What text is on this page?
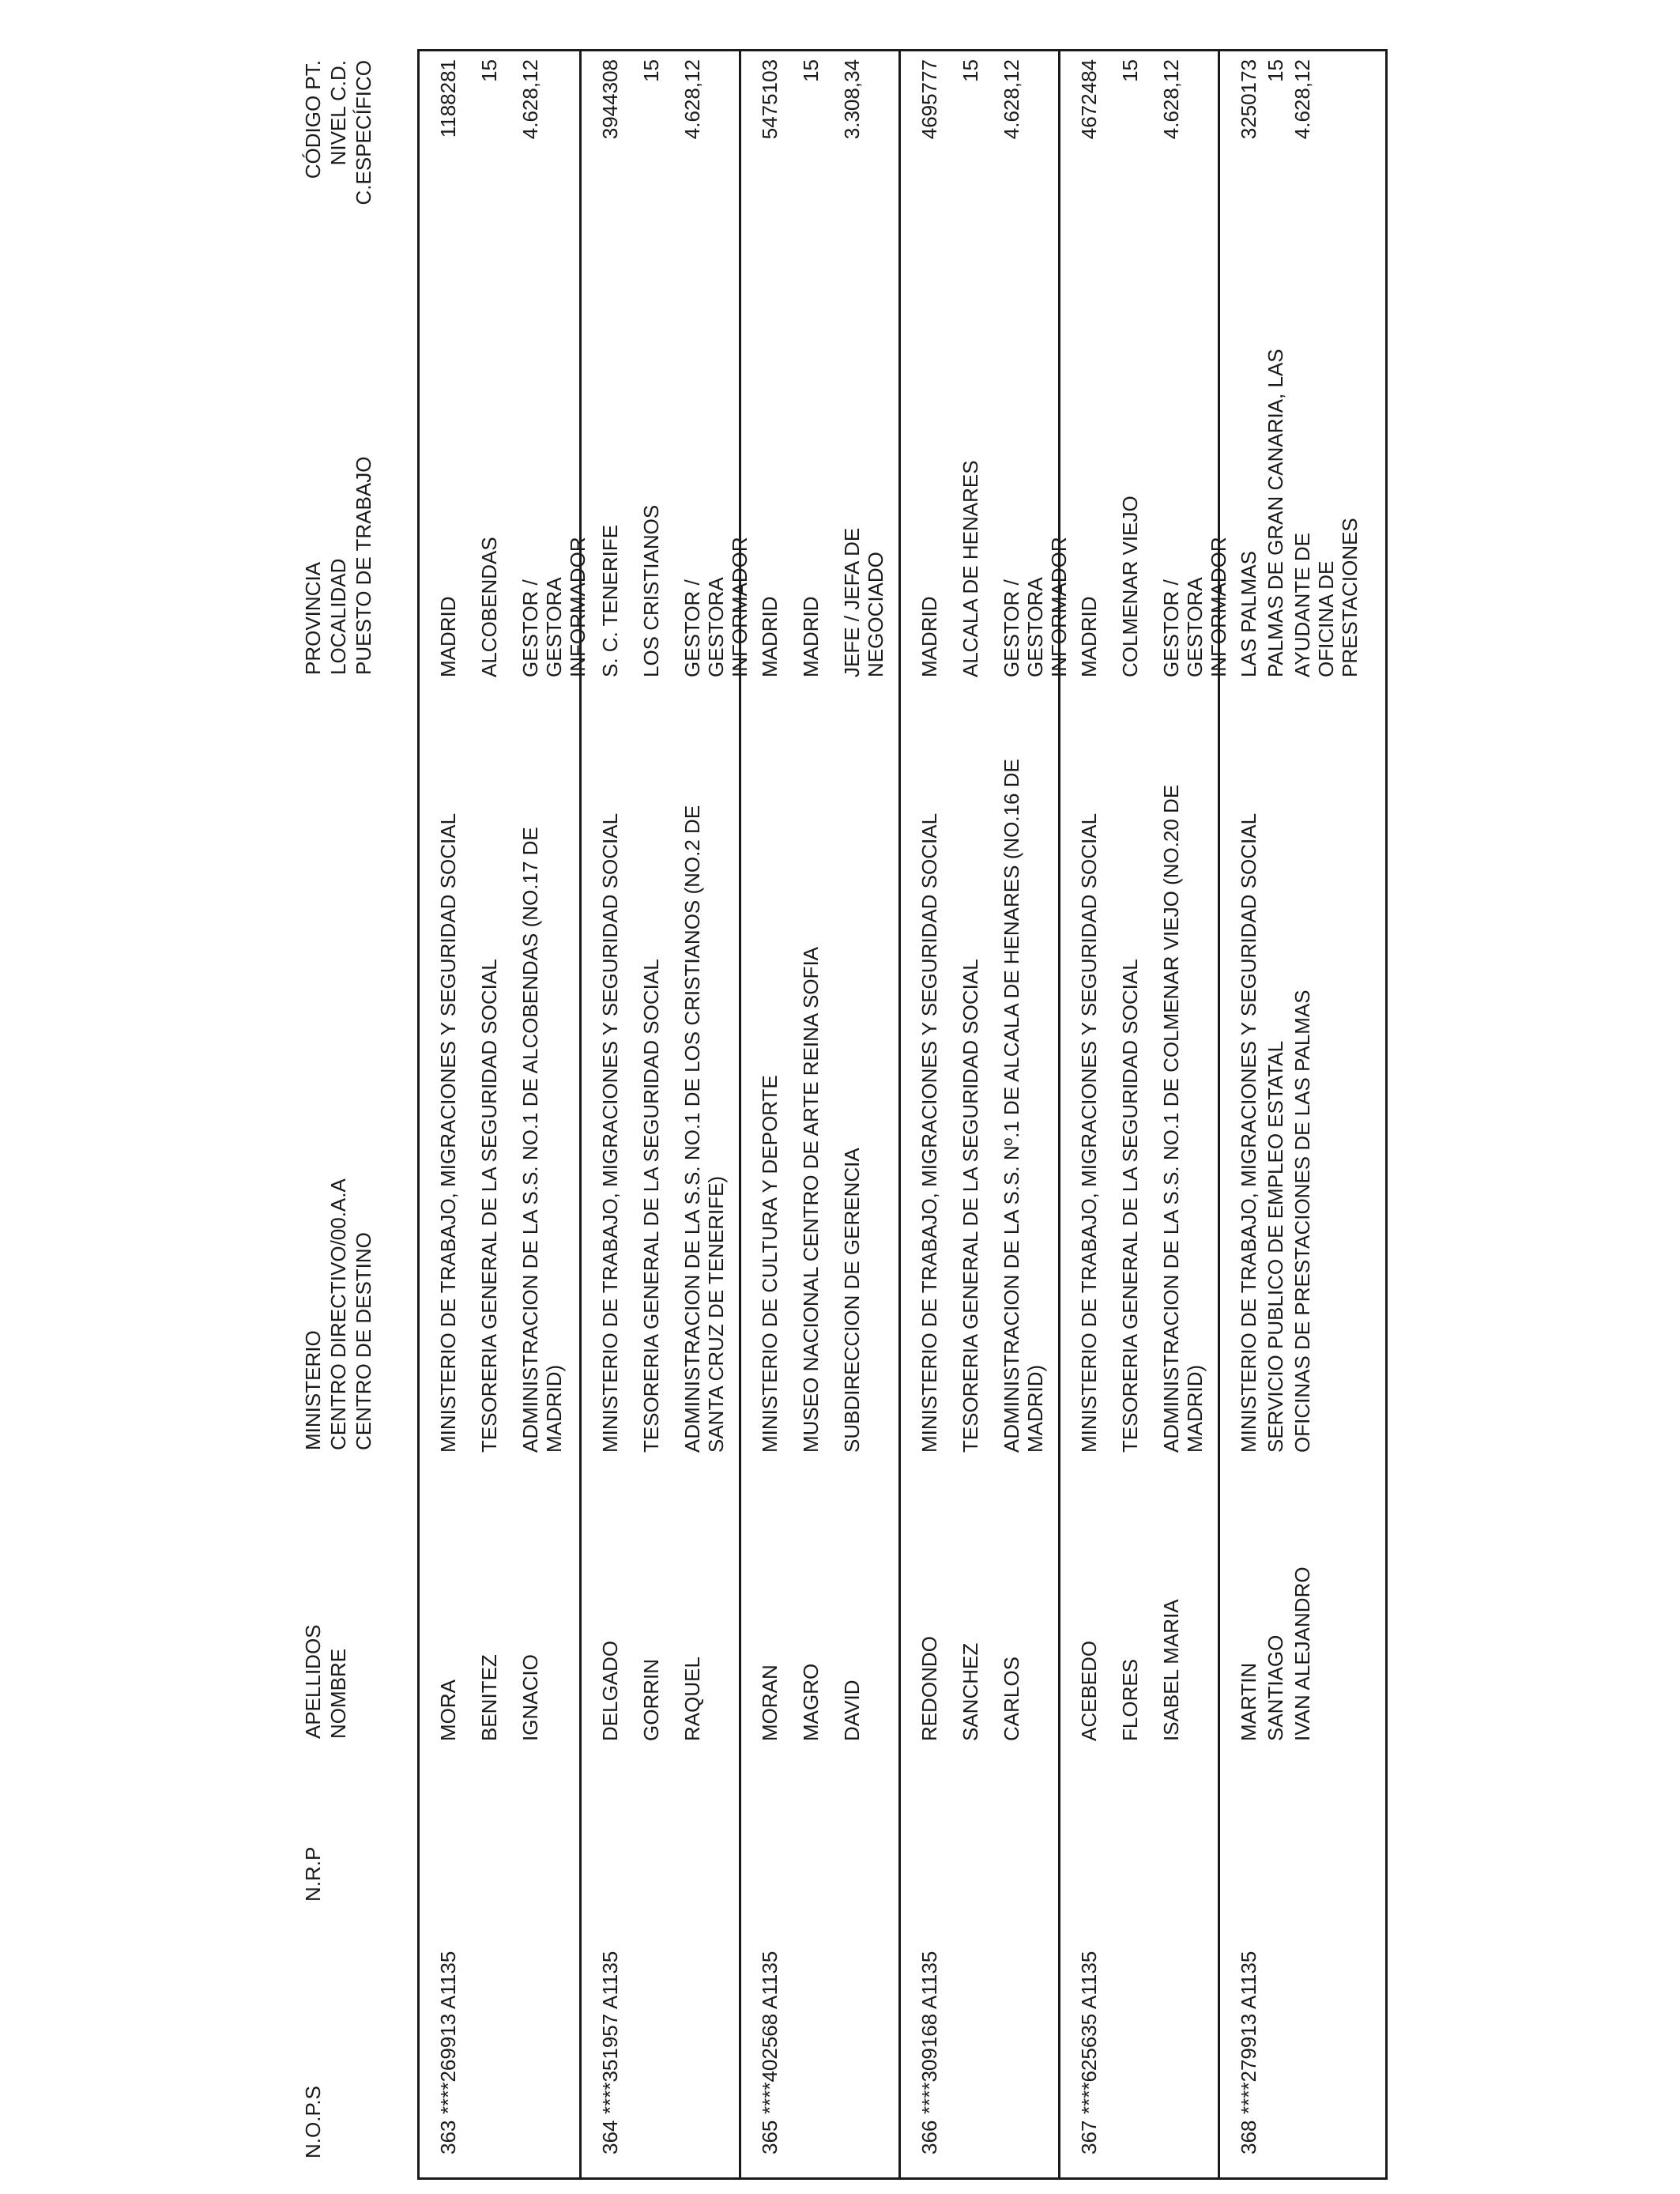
N.O.P.S
N.R.P
APELLIDOS NOMBRE
MINISTERIO CENTRO DIRECTIVO/00.A.A CENTRO DE DESTINO
PROVINCIA LOCALIDAD PUESTO DE TRABAJO
CÓDIGO PT. NIVEL C.D. C.ESPECÍFICO
363
****269913 A1135
MORA BENITEZ IGNACIO
MINISTERIO DE TRABAJO, MIGRACIONES Y SEGURIDAD SOCIAL TESORERIA GENERAL DE LA SEGURIDAD SOCIAL ADMINISTRACION DE LA S.S. NO.1 DE ALCOBENDAS (NO.17 DE MADRID)
MADRID ALCOBENDAS GESTOR / GESTORA INFORMADOR
1188281 15 4.628,12
364
****351957 A1135
DELGADO GORRIN RAQUEL
MINISTERIO DE TRABAJO, MIGRACIONES Y SEGURIDAD SOCIAL TESORERIA GENERAL DE LA SEGURIDAD SOCIAL ADMINISTRACION DE LA S.S. NO.1 DE LOS CRISTIANOS (NO.2 DE SANTA CRUZ DE TENERIFE)
S. C. TENERIFE LOS CRISTIANOS GESTOR / GESTORA INFORMADOR
3944308 15 4.628,12
365
****402568 A1135
MORAN MAGRO DAVID
MINISTERIO DE CULTURA Y DEPORTE MUSEO NACIONAL CENTRO DE ARTE REINA SOFIA SUBDIRECCION DE GERENCIA
MADRID MADRID JEFE / JEFA DE NEGOCIADO
5475103 15 3.308,34
366
****309168 A1135
REDONDO SANCHEZ CARLOS
MINISTERIO DE TRABAJO, MIGRACIONES Y SEGURIDAD SOCIAL TESORERIA GENERAL DE LA SEGURIDAD SOCIAL ADMINISTRACION DE LA S.S. Nº.1 DE ALCALA DE HENARES (NO.16 DE MADRID)
MADRID ALCALA DE HENARES GESTOR / GESTORA INFORMADOR
4695777 15 4.628,12
367
****625635 A1135
ACEBEDO FLORES ISABEL MARIA
MINISTERIO DE TRABAJO, MIGRACIONES Y SEGURIDAD SOCIAL TESORERIA GENERAL DE LA SEGURIDAD SOCIAL ADMINISTRACION DE LA S.S. NO.1 DE COLMENAR VIEJO (NO.20 DE MADRID)
MADRID COLMENAR VIEJO GESTOR / GESTORA INFORMADOR
4672484 15 4.628,12
368
****279913 A1135
MARTIN SANTIAGO IVAN ALEJANDRO
MINISTERIO DE TRABAJO, MIGRACIONES Y SEGURIDAD SOCIAL SERVICIO PUBLICO DE EMPLEO ESTATAL OFICINAS DE PRESTACIONES DE LAS PALMAS
LAS PALMAS PALMAS DE GRAN CANARIA, LAS AYUDANTE DE OFICINA DE PRESTACIONES
3250173 15 4.628,12
